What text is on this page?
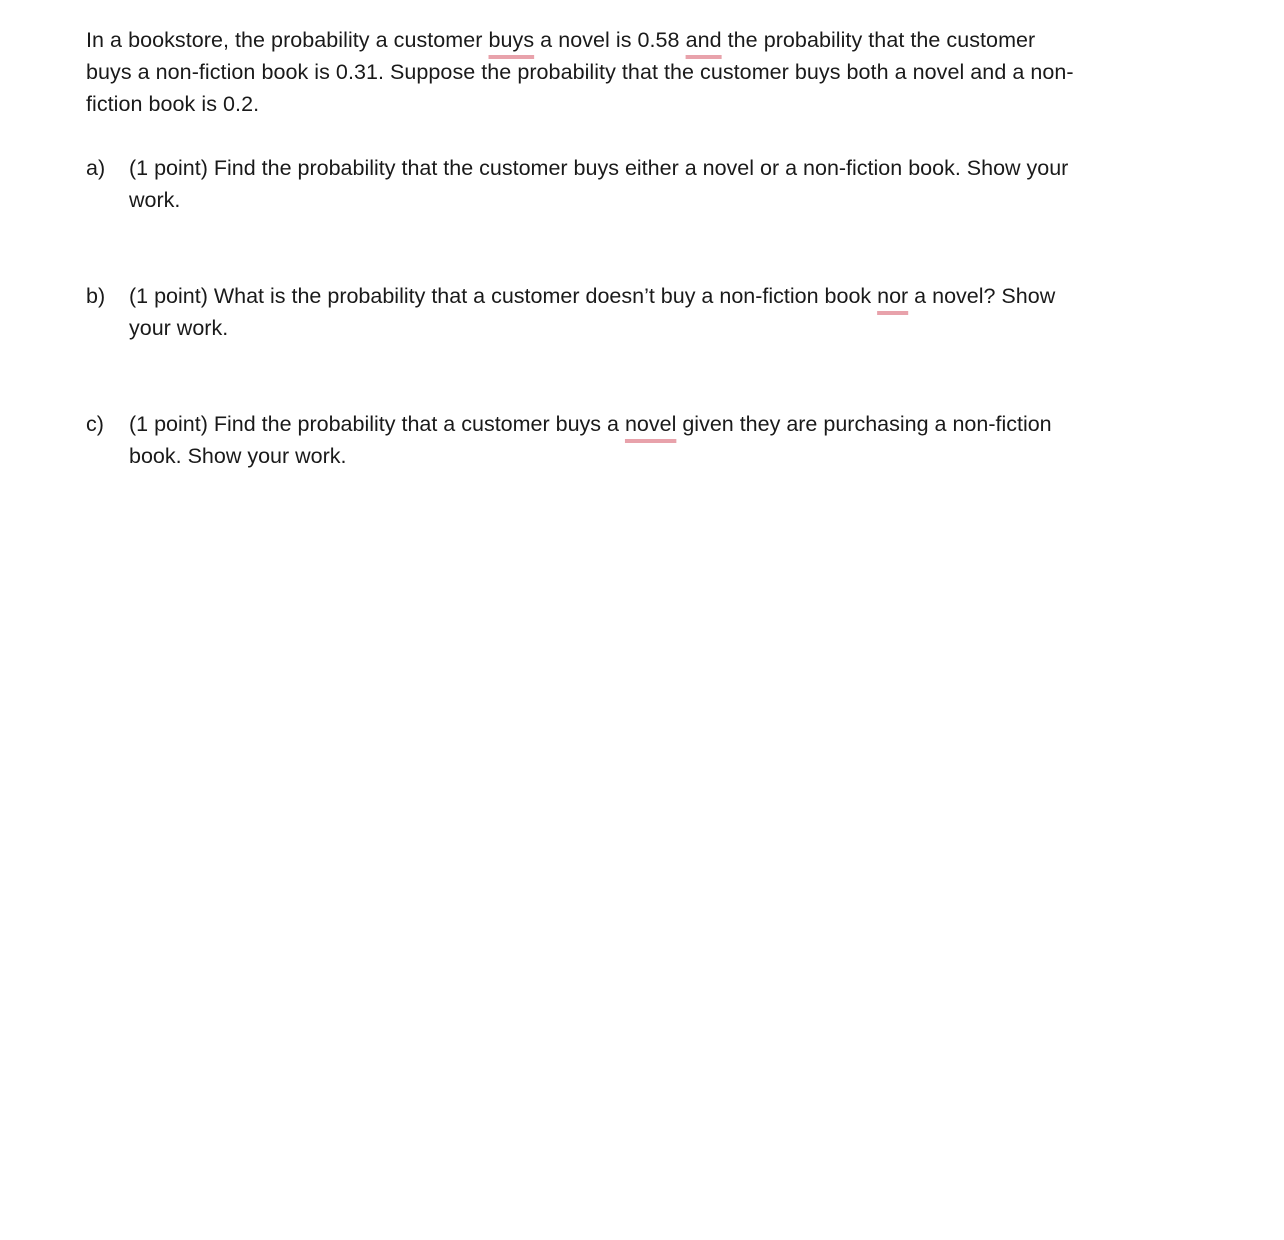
In a bookstore, the probability a customer buys a novel is 0.58 and the probability that the customer
buys a non-fiction book is 0.31. Suppose the probability that the customer buys both a novel and a non-
fiction book is 0.2.

a) (1 point) Find the probability that the customer buys either a novel or a non-fiction book. Show your
work.

b) (1 point) What is the probability that a customer doesn’t buy a non-fiction book nor a novel? Show
your work.

c) (1 point) Find the probability that a customer buys a novel given they are purchasing a non-fiction
book. Show your work.
